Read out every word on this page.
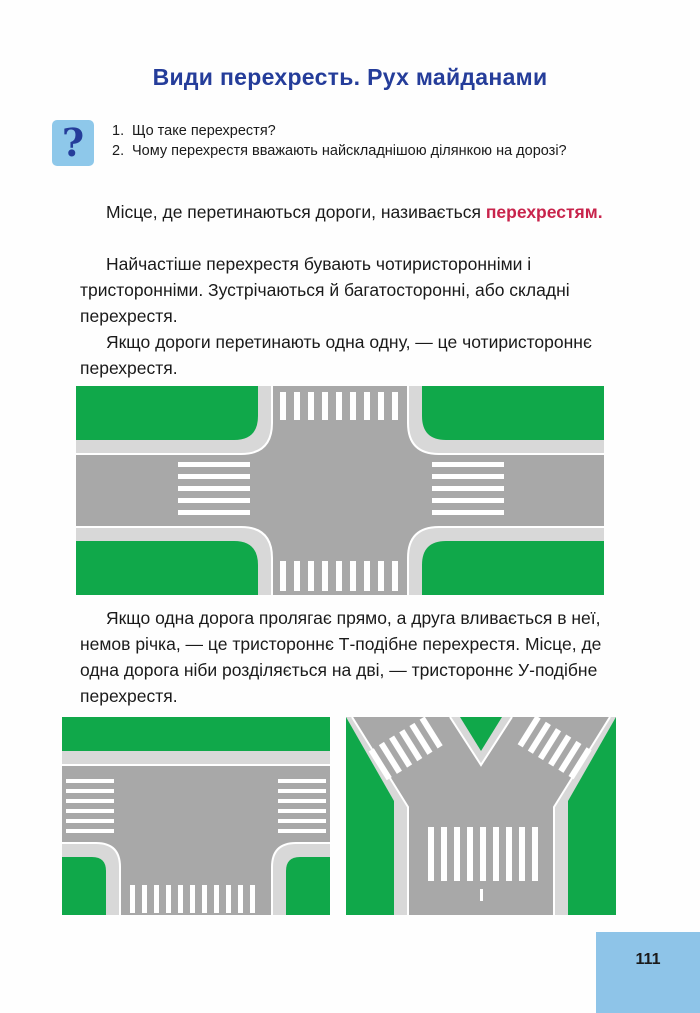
Види перехресть. Рух майданами
?	1. Що таке перехрестя?
2. Чому перехрестя вважають найскладнішою ділянкою на дорозі?
Місце, де перетинаються дороги, називається перехрестям.
Найчастіше перехрестя бувають чотиристоронніми і тристоронніми. Зустрічаються й багатосторонні, або складні перехрестя.
Якщо дороги перетинають одна одну, — це чотиристороннє перехрестя.
Якщо одна дорога пролягає прямо, а друга вливається в неї, немов річка, — це тристороннє Т-подібне перехрестя. Місце, де одна дорога ніби розділяється на дві, — тристороннє У-подібне перехрестя.
111
